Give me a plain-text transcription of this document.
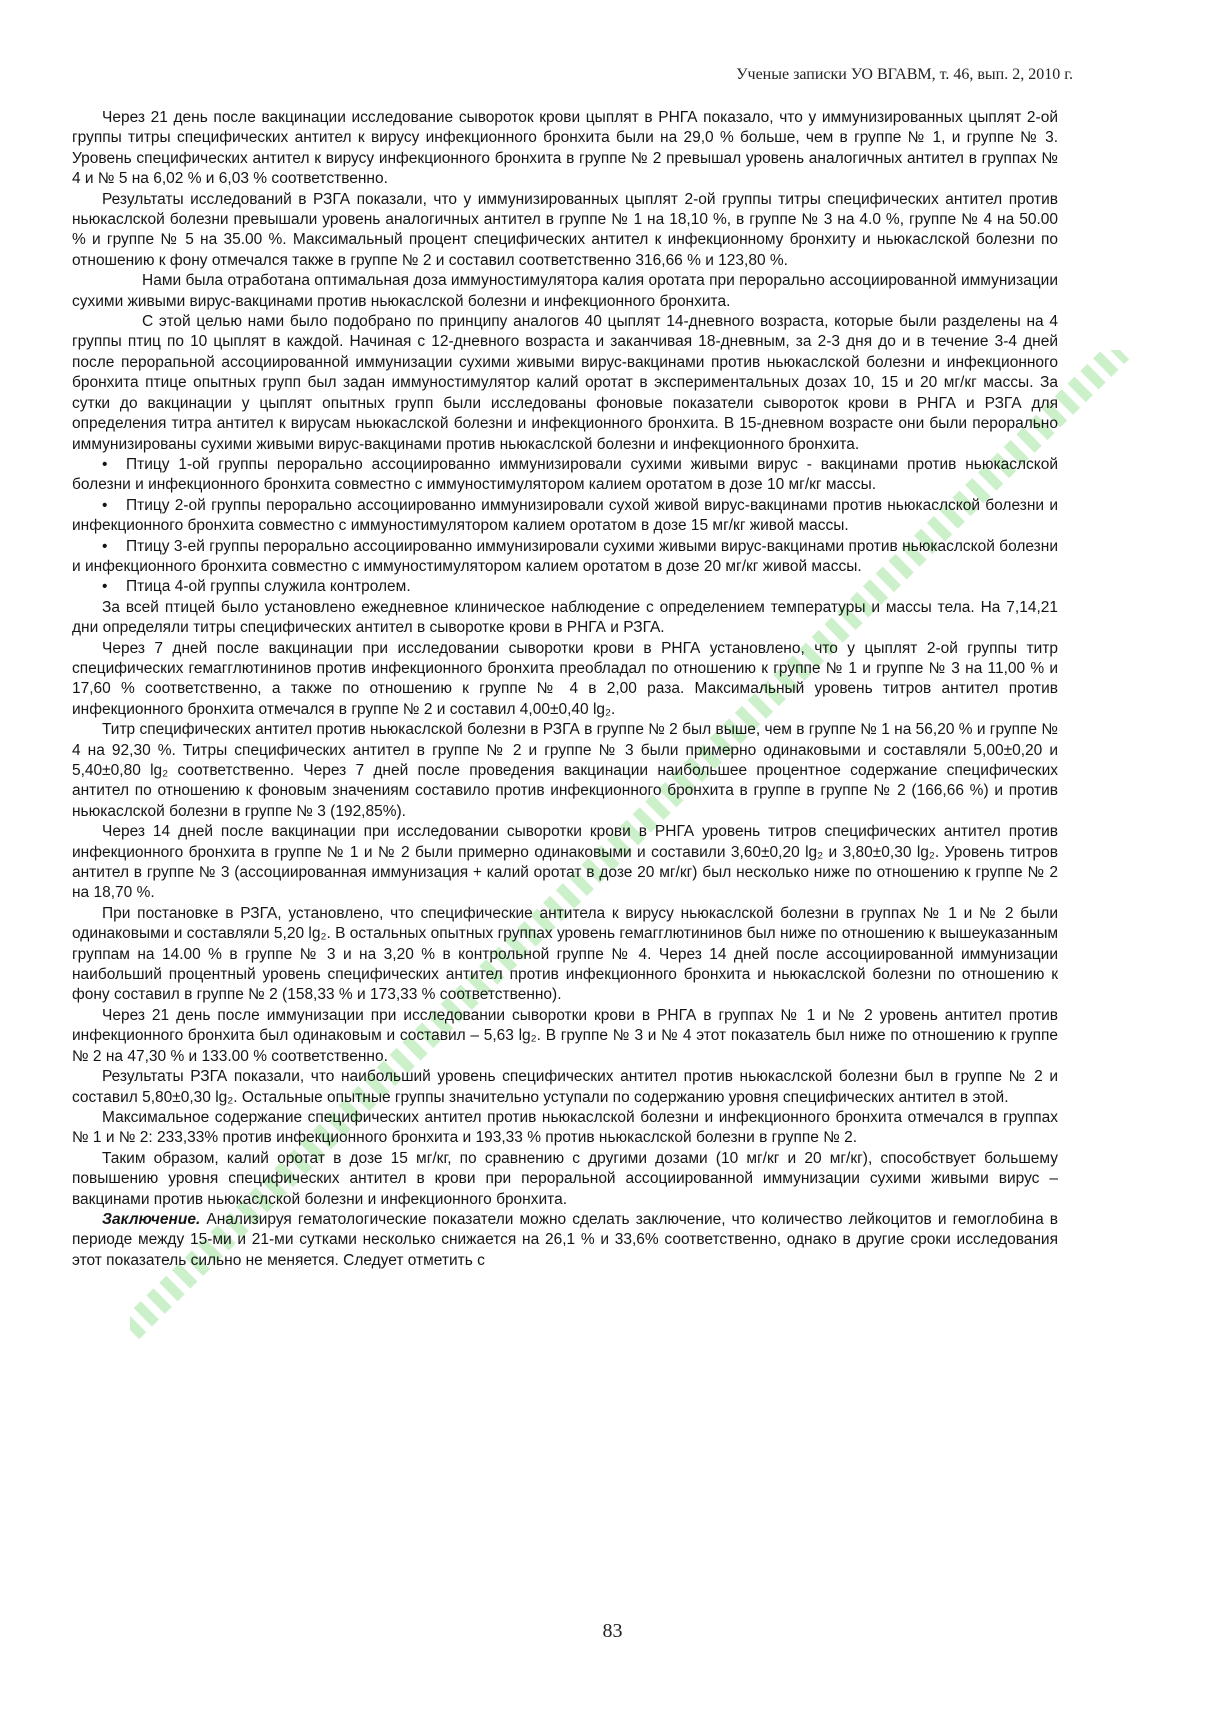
Ученые записки УО ВГАВМ, т. 46, вып. 2, 2010 г.

Через 21 день после вакцинации исследование сывороток крови цыплят в РНГА показало, что у иммунизированных цыплят 2-ой группы титры специфических антител к вирусу инфекционного бронхита были на 29,0 % больше, чем в группе № 1, и группе № 3. Уровень специфических антител к вирусу инфекционного бронхита в группе № 2 превышал уровень аналогичных антител в группах № 4 и № 5 на 6,02 % и 6,03 % соответственно.

Результаты исследований в РЗГА показали, что у иммунизированных цыплят 2-ой группы титры специфических антител против ньюкаслской болезни превышали уровень аналогичных антител в группе № 1 на 18,10 %, в группе № 3 на 4.0 %, группе № 4 на 50.00 % и группе № 5 на 35.00 %. Максимальный процент специфических антител к инфекционному бронхиту и ньюкаслской болезни по отношению к фону отмечался также в группе № 2 и составил соответственно 316,66 % и 123,80 %.

Нами была отработана оптимальная доза иммуностимулятора калия оротата при перорально ассоциированной иммунизации сухими живыми вирус-вакцинами против ньюкаслской болезни и инфекционного бронхита.

С этой целью нами было подобрано по принципу аналогов 40 цыплят 14-дневного возраста, которые были разделены на 4 группы птиц по 10 цыплят в каждой. Начиная с 12-дневного возраста и заканчивая 18-дневным, за 2-3 дня до и в течение 3-4 дней после перорапьной ассоциированной иммунизации сухими живыми вирус-вакцинами против ньюкаслской болезни и инфекционного бронхита птице опытных групп был задан иммуностимулятор калий оротат в экспериментальных дозах 10, 15 и 20 мг/кг массы. За сутки до вакцинации у цыплят опытных групп были исследованы фоновые показатели сывороток крови в РНГА и РЗГА для определения титра антител к вирусам ньюкаслской болезни и инфекционного бронхита. В 15-дневном возрасте они были перорально иммунизированы сухими живыми вирус-вакцинами против ньюкаслской болезни и инфекционного бронхита.

• Птицу 1-ой группы перорально ассоциированно иммунизировали сухими живыми вирус - вакцинами против ньюкаслской болезни и инфекционного бронхита совместно с иммуностимулятором калием оротатом в дозе 10 мг/кг массы.

• Птицу 2-ой группы перорально ассоциированно иммунизировали сухой живой вирус-вакцинами против ньюкаслской болезни и инфекционного бронхита совместно с иммуностимулятором калием оротатом в дозе 15 мг/кг живой массы.

• Птицу 3-ей группы перорально ассоциированно иммунизировали сухими живыми вирус-вакцинами против ньюкаслской болезни и инфекционного бронхита совместно с иммуностимулятором калием оротатом в дозе 20 мг/кг живой массы.

• Птица 4-ой группы служила контролем.

За всей птицей было установлено ежедневное клиническое наблюдение с определением температуры и массы тела. На 7,14,21 дни определяли титры специфических антител в сыворотке крови в РНГА и РЗГА.

Через 7 дней после вакцинации при исследовании сыворотки крови в РНГА установлено, что у цыплят 2-ой группы титр специфических гемагглютининов против инфекционного бронхита преобладал по отношению к группе № 1 и группе № 3 на 11,00 % и 17,60 % соответственно, а также по отношению к группе № 4 в 2,00 раза. Максимальный уровень титров антител против инфекционного бронхита отмечался в группе № 2 и составил 4,00±0,40 lg₂.

Титр специфических антител против ньюкаслской болезни в РЗГА в группе № 2 был выше, чем в группе № 1 на 56,20 % и группе № 4 на 92,30 %. Титры специфических антител в группе № 2 и группе № 3 были примерно одинаковыми и составляли 5,00±0,20 и 5,40±0,80 lg₂ соответственно. Через 7 дней после проведения вакцинации наибольшее процентное содержание специфических антител по отношению к фоновым значениям составило против инфекционного бронхита в группе в группе № 2 (166,66 %) и против ньюкаслской болезни в группе № 3 (192,85%).

Через 14 дней после вакцинации при исследовании сыворотки крови в РНГА уровень титров специфических антител против инфекционного бронхита в группе № 1 и № 2 были примерно одинаковыми и составили 3,60±0,20 lg₂ и 3,80±0,30 lg₂. Уровень титров антител в группе № 3 (ассоциированная иммунизация + калий оротат в дозе 20 мг/кг) был несколько ниже по отношению к группе № 2 на 18,70 %.

При постановке в РЗГА, установлено, что специфические антитела к вирусу ньюкаслской болезни в группах № 1 и № 2 были одинаковыми и составляли 5,20 lg₂. В остальных опытных группах уровень гемагглютининов был ниже по отношению к вышеуказанным группам на 14.00 % в группе № 3 и на 3,20 % в контрольной группе № 4. Через 14 дней после ассоциированной иммунизации наибольший процентный уровень специфических антител против инфекционного бронхита и ньюкаслской болезни по отношению к фону составил в группе № 2 (158,33 % и 173,33 % соответственно).

Через 21 день после иммунизации при исследовании сыворотки крови в РНГА в группах № 1 и № 2 уровень антител против инфекционного бронхита был одинаковым и составил – 5,63 lg₂. В группе № 3 и № 4 этот показатель был ниже по отношению к группе № 2 на 47,30 % и 133.00 % соответственно.

Результаты РЗГА показали, что наибольший уровень специфических антител против ньюкаслской болезни был в группе № 2 и составил 5,80±0,30 lg₂. Остальные опытные группы значительно уступали по содержанию уровня специфических антител в этой.

Максимальное содержание специфических антител против ньюкаслской болезни и инфекционного бронхита отмечался в группах № 1 и № 2: 233,33% против инфекционного бронхита и 193,33 % против ньюкаслской болезни в группе № 2.

Таким образом, калий оротат в дозе 15 мг/кг, по сравнению с другими дозами (10 мг/кг и 20 мг/кг), способствует большему повышению уровня специфических антител в крови при пероральной ассоциированной иммунизации сухими живыми вирус – вакцинами против ньюкаслской болезни и инфекционного бронхита.

Заключение. Анализируя гематологические показатели можно сделать заключение, что количество лейкоцитов и гемоглобина в периоде между 15-ми и 21-ми сутками несколько снижается на 26,1 % и 33,6% соответственно, однако в другие сроки исследования этот показатель сильно не меняется. Следует отметить с

83
